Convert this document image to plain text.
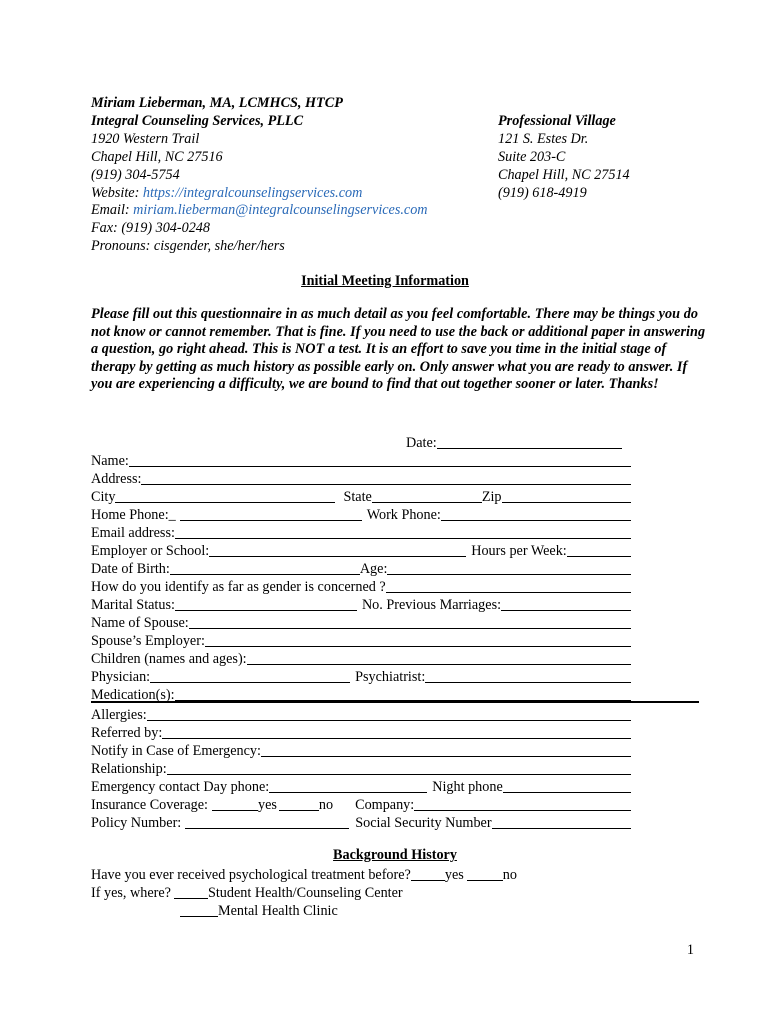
Miriam Lieberman, MA, LCMHCS, HTCP
Integral Counseling Services, PLLC
1920 Western Trail
Chapel Hill, NC 27516
(919) 304-5754
Website: https://integralcounselingservices.com
Email: miriam.lieberman@integralcounselingservices.com
Fax: (919) 304-0248
Pronouns: cisgender, she/her/hers
Professional Village
121 S. Estes Dr.
Suite 203-C
Chapel Hill, NC 27514
(919) 618-4919
Initial Meeting Information
Please fill out this questionnaire in as much detail as you feel comfortable. There may be things you do not know or cannot remember. That is fine. If you need to use the back or additional paper in answering a question, go right ahead. This is NOT a test. It is an effort to save you time in the initial stage of therapy by getting as much history as possible early on. Only answer what you are ready to answer. If you are experiencing a difficulty, we are bound to find that out together sooner or later. Thanks!
Date:
Name:
Address:
City	State	Zip
Home Phone:_	Work Phone:
Email address:
Employer or School:	Hours per Week:
Date of Birth:	Age:
How do you identify as far as gender is concerned ?
Marital Status:	No. Previous Marriages:
Name of Spouse:
Spouse’s Employer:
Children (names and ages):
Physician:	Psychiatrist:
Medication(s):
Allergies:
Referred by:
Notify in Case of Emergency:
Relationship:
Emergency contact Day phone:	Night phone
Insurance Coverage:	yes	no Company:
Policy Number:	Social Security Number
Background History
Have you ever received psychological treatment before? yes	no
If yes, where?	Student Health/Counseling Center
Mental Health Clinic
1
